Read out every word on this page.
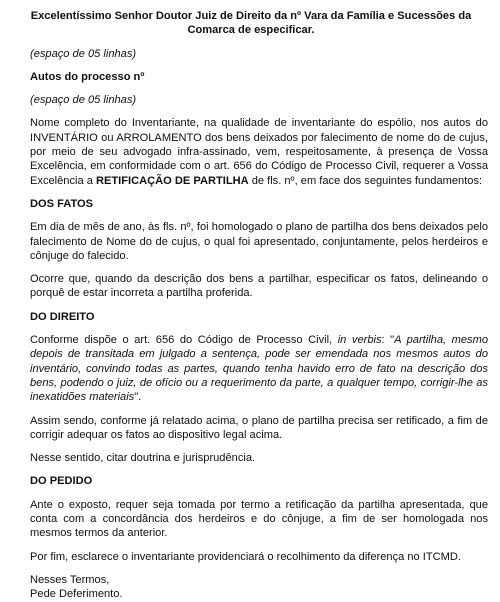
Excelentíssimo Senhor Doutor Juiz de Direito da nº Vara da Família e Sucessões da Comarca de especificar.

(espaço de 05 linhas)

Autos do processo nº

(espaço de 05 linhas)

Nome completo do Inventariante, na qualidade de inventariante do espólio, nos autos do INVENTÁRIO ou ARROLAMENTO dos bens deixados por falecimento de nome do de cujus, por meio de seu advogado infra-assinado, vem, respeitosamente, à presença de Vossa Excelência, em conformidade com o art. 656 do Código de Processo Civil, requerer a Vossa Excelência a RETIFICAÇÃO DE PARTILHA de fls. nº, em face dos seguintes fundamentos:

DOS FATOS

Em dia de mês de ano, às fls. nº, foi homologado o plano de partilha dos bens deixados pelo falecimento de Nome do de cujus, o qual foi apresentado, conjuntamente, pelos herdeiros e cônjuge do falecido.

Ocorre que, quando da descrição dos bens a partilhar, especificar os fatos, delineando o porquê de estar incorreta a partilha proferida.

DO DIREITO

Conforme dispõe o art. 656 do Código de Processo Civil, in verbis: "A partilha, mesmo depois de transitada em julgado a sentença, pode ser emendada nos mesmos autos do inventário, convindo todas as partes, quando tenha havido erro de fato na descrição dos bens, podendo o juiz, de ofício ou a requerimento da parte, a qualquer tempo, corrigir-lhe as inexatidões materiais".

Assim sendo, conforme já relatado acima, o plano de partilha precisa ser retificado, a fim de corrigir adequar os fatos ao dispositivo legal acima.

Nesse sentido, citar doutrina e jurisprudência.

DO PEDIDO

Ante o exposto, requer seja tomada por termo a retificação da partilha apresentada, que conta com a concordância dos herdeiros e do cônjuge, a fim de ser homologada nos mesmos termos da anterior.

Por fim, esclarece o inventariante providenciará o recolhimento da diferença no ITCMD.

Nesses Termos,

Pede Deferimento.
